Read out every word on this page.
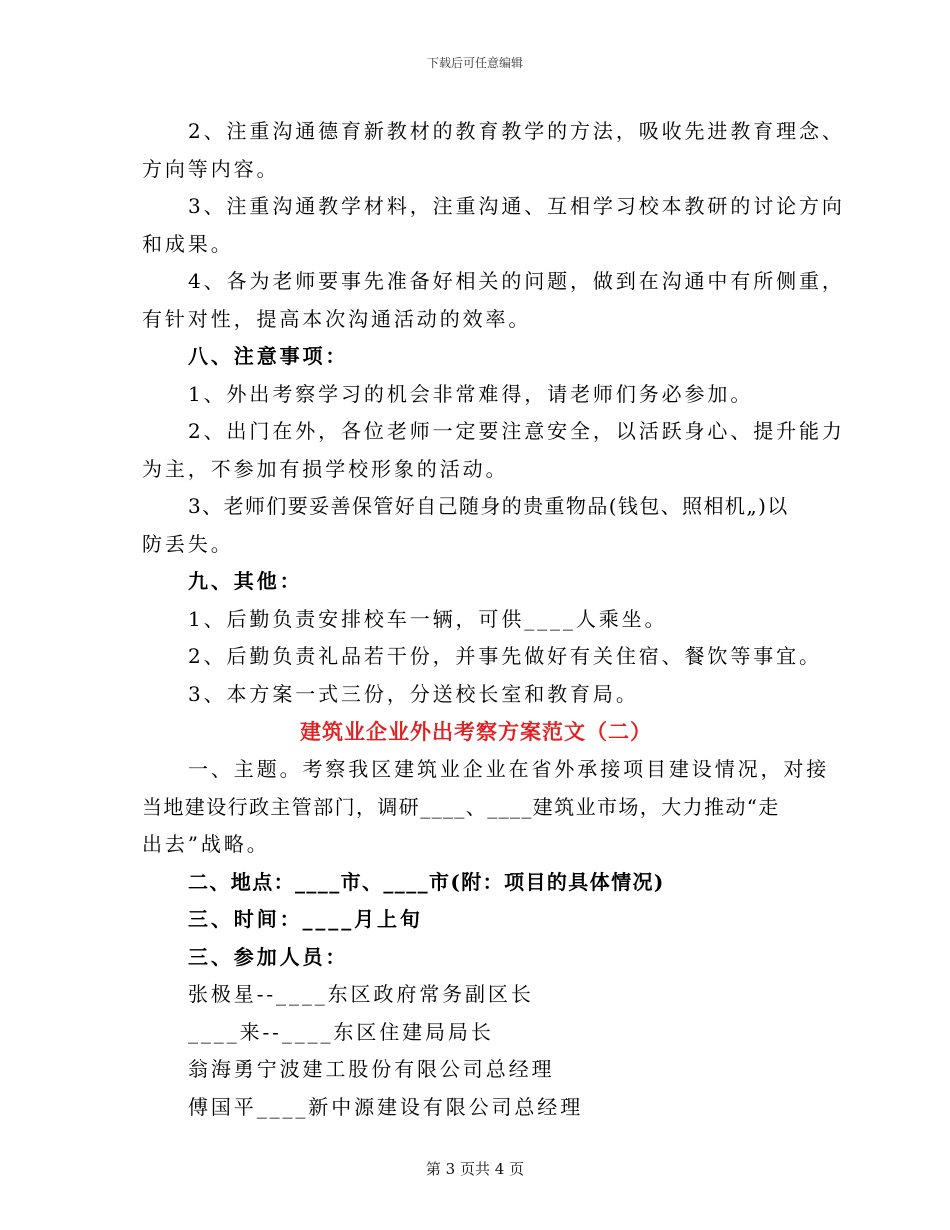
下载后可任意编辑
2、注重沟通德育新教材的教育教学的方法，吸收先进教育理念、
方向等内容。
3、注重沟通教学材料，注重沟通、互相学习校本教研的讨论方向
和成果。
4、各为老师要事先准备好相关的问题，做到在沟通中有所侧重，
有针对性，提高本次沟通活动的效率。
八、注意事项：
1、外出考察学习的机会非常难得，请老师们务必参加。
2、出门在外，各位老师一定要注意安全，以活跃身心、提升能力
为主，不参加有损学校形象的活动。
3、老师们要妥善保管好自己随身的贵重物品(钱包、照相机„)以
防丢失。
九、其他：
1、后勤负责安排校车一辆，可供____人乘坐。
2、后勤负责礼品若干份，并事先做好有关住宿、餐饮等事宜。
3、本方案一式三份，分送校长室和教育局。
建筑业企业外出考察方案范文（二）
一、主题。考察我区建筑业企业在省外承接项目建设情况，对接
当地建设行政主管部门，调研____、____建筑业市场，大力推动“走
出去”战略。
二、地点：____市、____市(附：项目的具体情况)
三、时间：____月上旬
三、参加人员：
张极星--____东区政府常务副区长
____来--____东区住建局局长
翁海勇宁波建工股份有限公司总经理
傅国平____新中源建设有限公司总经理
第 3 页共 4 页
